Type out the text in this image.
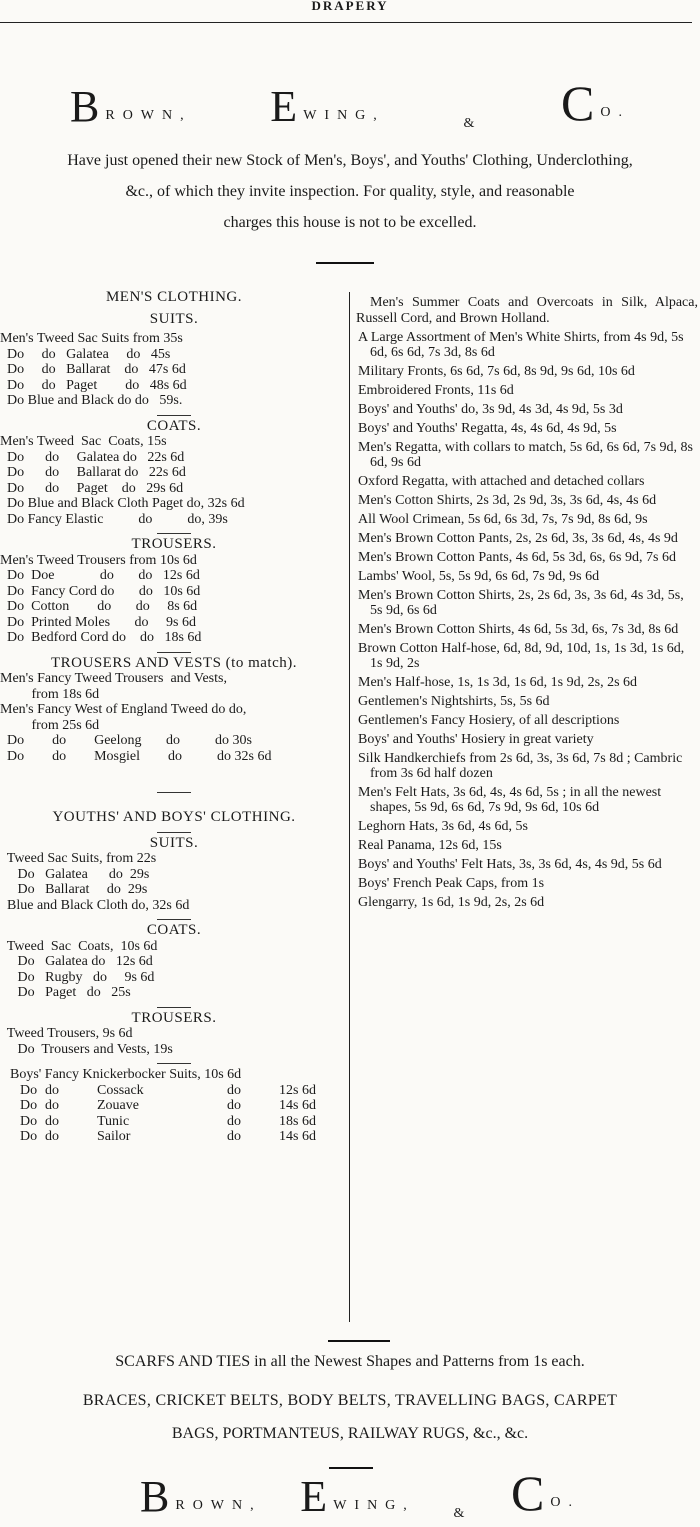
DRAPERY
BROWN, EWING,
& C O.
Have just opened their new Stock of Men's, Boys', and Youths' Clothing, Underclothing,
&c., of which they invite inspection. For quality, style, and reasonable
charges this house is not to be excelled.
MEN'S CLOTHING.
SUITS.
Men's Tweed Sac Suits from 35s
Do     do   Galatea     do   45s
Do     do   Ballarat    do   47s 6d
Do     do   Paget        do   48s 6d
Do Blue and Black do do   59s.
COATS.
Men's Tweed  Sac  Coats, 15s
Do      do     Galatea do   22s 6d
Do      do     Ballarat do   22s 6d
Do      do     Paget    do   29s 6d
Do Blue and Black Cloth Paget do, 32s 6d
Do Fancy Elastic          do          do, 39s
TROUSERS.
Men's Tweed Trousers from 10s 6d
Do  Doe             do       do   12s 6d
Do  Fancy Cord do       do   10s 6d
Do  Cotton        do       do     8s 6d
Do  Printed Moles       do     9s 6d
Do  Bedford Cord do    do   18s 6d
TROUSERS AND VESTS (to match).
Men's Fancy Tweed Trousers  and Vests,
from 18s 6d
Men's Fancy West of England Tweed do do,
from 25s 6d
Do        do        Geelong       do          do 30s
Do        do        Mosgiel        do          do 32s 6d
YOUTHS' AND BOYS' CLOTHING.
SUITS.
Tweed Sac Suits, from 22s
Do   Galatea      do  29s
Do   Ballarat     do  29s
Blue and Black Cloth do, 32s 6d
COATS.
Tweed  Sac  Coats,  10s 6d
Do   Galatea do   12s 6d
Do   Rugby   do     9s 6d
Do   Paget   do   25s
TROUSERS.
Tweed Trousers, 9s 6d
Do  Trousers and Vests, 19s
Boys' Fancy Knickerbocker Suits, 10s 6d
Do do	Cossack	do	12s 6d
Do do	Zouave	do	14s 6d
Do do	Tunic	do	18s 6d
Do do	Sailor	do	14s 6d
Men's Summer Coats and Overcoats in Silk, Alpaca, Russell Cord, and Brown Holland.
A Large Assortment of Men's White Shirts, from 4s 9d, 5s 6d, 6s 6d, 7s 3d, 8s 6d
Military Fronts, 6s 6d, 7s 6d, 8s 9d, 9s 6d, 10s 6d
Embroidered Fronts, 11s 6d
Boys' and Youths' do, 3s 9d, 4s 3d, 4s 9d, 5s 3d
Boys' and Youths' Regatta, 4s, 4s 6d, 4s 9d, 5s
Men's Regatta, with collars to match, 5s 6d, 6s 6d, 7s 9d, 8s 6d, 9s 6d
Oxford Regatta, with attached and detached collars
Men's Cotton Shirts, 2s 3d, 2s 9d, 3s, 3s 6d, 4s, 4s 6d
All Wool Crimean, 5s 6d, 6s 3d, 7s, 7s 9d, 8s 6d, 9s
Men's Brown Cotton Pants, 2s, 2s 6d, 3s, 3s 6d, 4s, 4s 9d
Men's Brown Cotton Pants, 4s 6d, 5s 3d, 6s, 6s 9d, 7s 6d
Lambs' Wool, 5s, 5s 9d, 6s 6d, 7s 9d, 9s 6d
Men's Brown Cotton Shirts, 2s, 2s 6d, 3s, 3s 6d, 4s 3d, 5s, 5s 9d, 6s 6d
Men's Brown Cotton Shirts, 4s 6d, 5s 3d, 6s, 7s 3d, 8s 6d
Brown Cotton Half-hose, 6d, 8d, 9d, 10d, 1s, 1s 3d, 1s 6d, 1s 9d, 2s
Men's Half-hose, 1s, 1s 3d, 1s 6d, 1s 9d, 2s, 2s 6d
Gentlemen's Nightshirts, 5s, 5s 6d
Gentlemen's Fancy Hosiery, of all descriptions
Boys' and Youths' Hosiery in great variety
Silk Handkerchiefs from 2s 6d, 3s, 3s 6d, 7s 8d ; Cambric from 3s 6d half dozen
Men's Felt Hats, 3s 6d, 4s, 4s 6d, 5s ; in all the newest shapes, 5s 9d, 6s 6d, 7s 9d, 9s 6d, 10s 6d
Leghorn Hats, 3s 6d, 4s 6d, 5s
Real Panama, 12s 6d, 15s
Boys' and Youths' Felt Hats, 3s, 3s 6d, 4s, 4s 9d, 5s 6d
Boys' French Peak Caps, from 1s
Glengarry, 1s 6d, 1s 9d, 2s, 2s 6d
SCARFS AND TIES in all the Newest Shapes and Patterns from 1s each.
BRACES, CRICKET BELTS, BODY BELTS, TRAVELLING BAGS, CARPET
BAGS, PORTMANTEUS, RAILWAY RUGS, &c., &c.
BROWN, EWING,
& C O.
